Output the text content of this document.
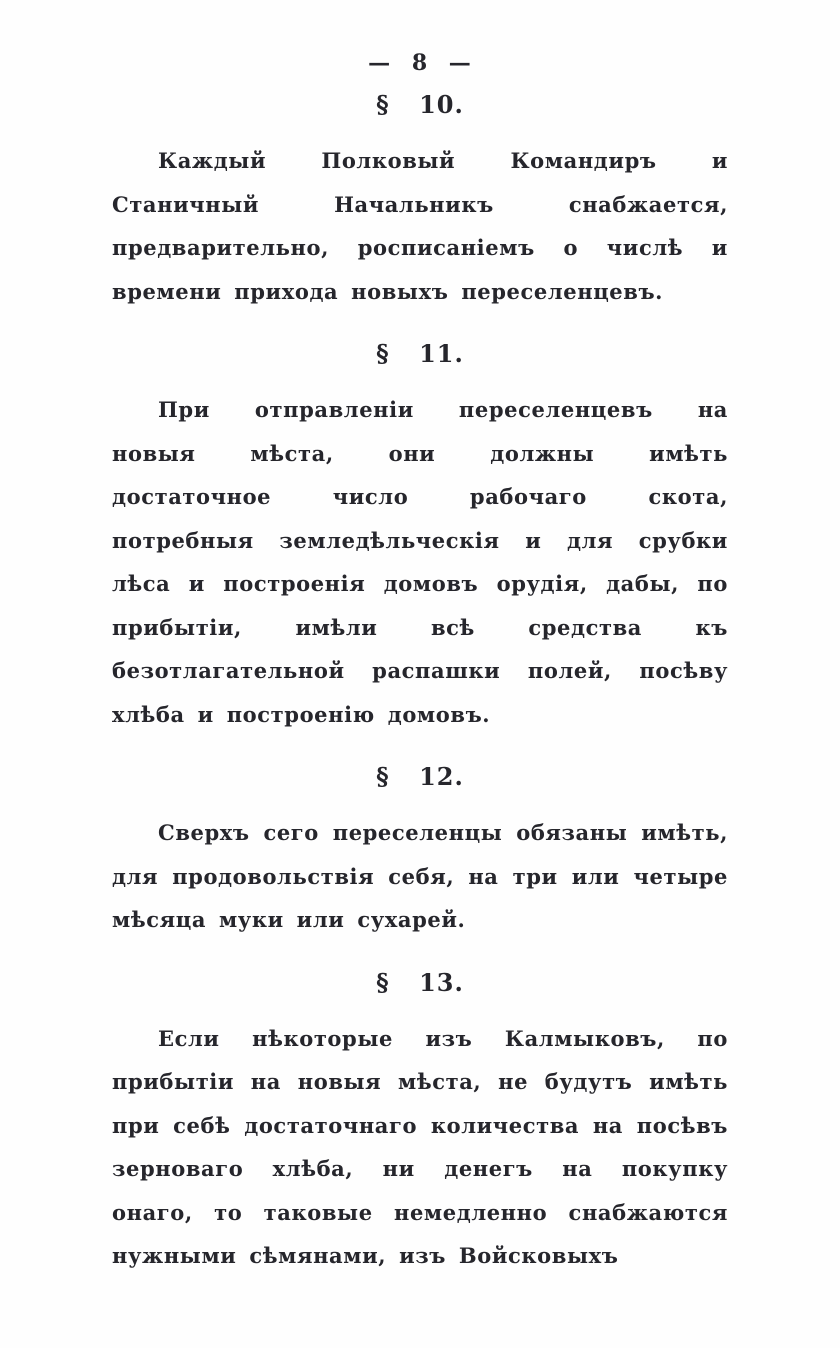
— 8 —
§ 10.

Каждый Полковый Командиръ и Станичный Начальникъ снабжается, предварительно, росписаніемъ о числѣ и времени прихода новыхъ переселенцевъ.

§ 11.

При отправленіи переселенцевъ на новыя мѣста, они должны имѣть достаточное число рабочаго скота, потребныя земледѣльческія и для срубки лѣса и построенія домовъ орудія, дабы, по прибытіи, имѣли всѣ средства къ безотлагательной распашки полей, посѣву хлѣба и построенію домовъ.

§ 12.

Сверхъ сего переселенцы обязаны имѣть, для продовольствія себя, на три или четыре мѣсяца муки или сухарей.

§ 13.

Если нѣкоторые изъ Калмыковъ, по прибытіи на новыя мѣста, не будутъ имѣть при себѣ достаточнаго количества на посѣвъ зерноваго хлѣба, ни денегъ на покупку онаго, то таковые немедленно снабжаются нужными сѣмянами, изъ Войсковыхъ
